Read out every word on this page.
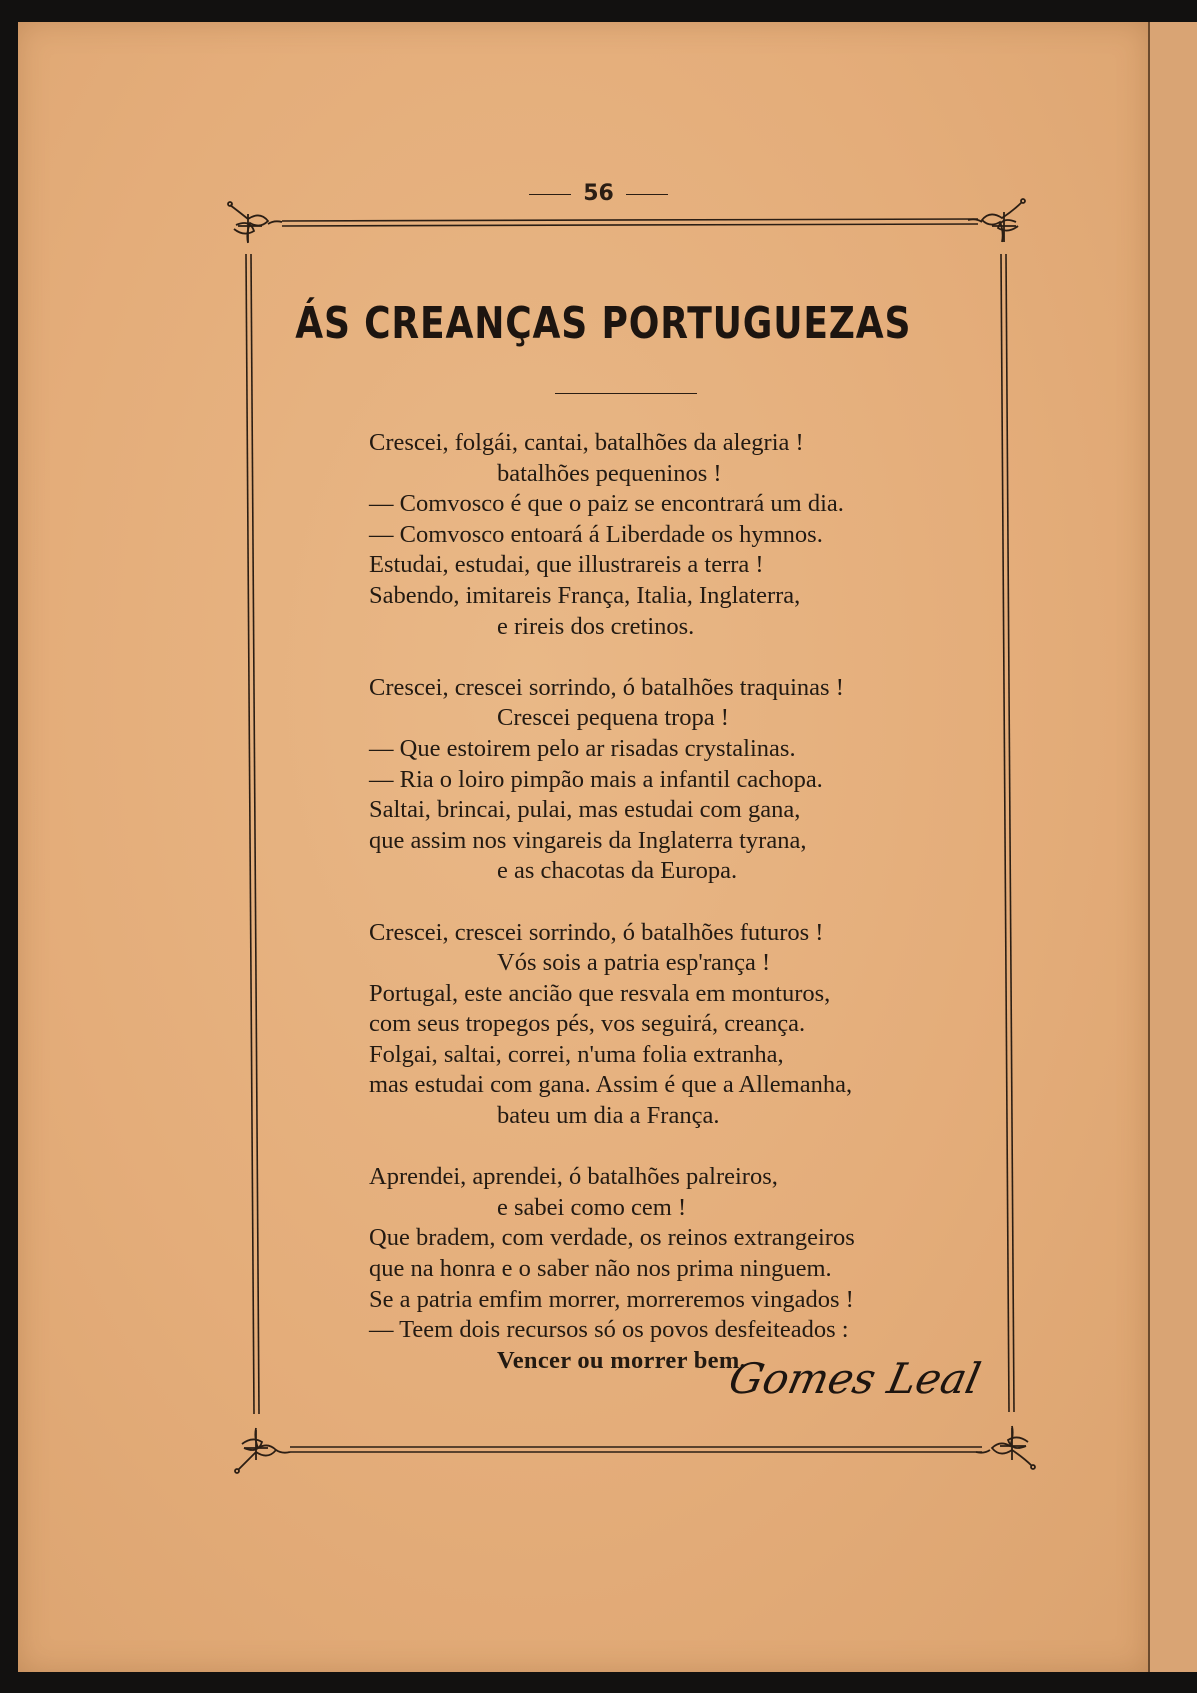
56
ÁS CREANÇAS PORTUGUEZAS
Crescei, folgái, cantai, batalhões da alegria !
batalhões pequeninos !
— Comvosco é que o paiz se encontrará um dia.
— Comvosco entoará á Liberdade os hymnos.
Estudai, estudai, que illustrareis a terra !
Sabendo, imitareis França, Italia, Inglaterra,
e rireis dos cretinos.
Crescei, crescei sorrindo, ó batalhões traquinas !
Crescei pequena tropa !
— Que estoirem pelo ar risadas crystalinas.
— Ria o loiro pimpão mais a infantil cachopa.
Saltai, brincai, pulai, mas estudai com gana,
que assim nos vingareis da Inglaterra tyrana,
e as chacotas da Europa.
Crescei, crescei sorrindo, ó batalhões futuros !
Vós sois a patria esp'rança !
Portugal, este ancião que resvala em monturos,
com seus tropegos pés, vos seguirá, creança.
Folgai, saltai, correi, n'uma folia extranha,
mas estudai com gana. Assim é que a Allemanha,
bateu um dia a França.
Aprendei, aprendei, ó batalhões palreiros,
e sabei como cem !
Que bradem, com verdade, os reinos extrangeiros
que na honra e o saber não nos prima ninguem.
Se a patria emfim morrer, morreremos vingados !
— Teem dois recursos só os povos desfeiteados :
Vencer ou morrer bem.
Gomes Leal
